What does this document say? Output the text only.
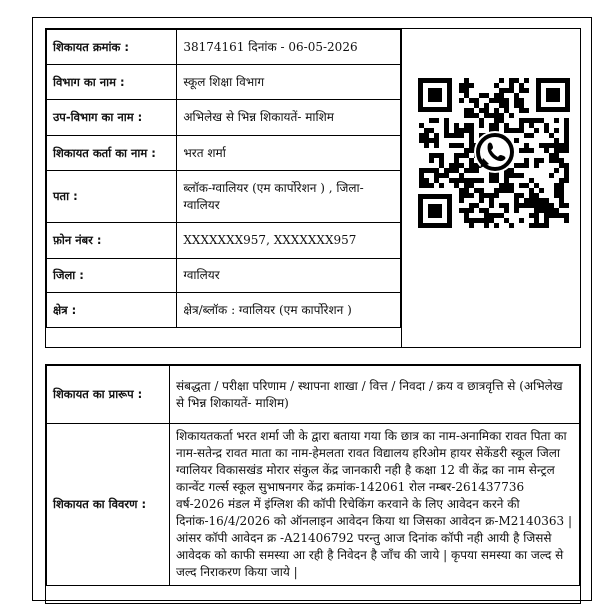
शिकायत क्रमांक :	38174161 दिनांक - 06-05-2026
विभाग का नाम :	स्कूल शिक्षा विभाग
उप-विभाग का नाम :	अभिलेख से भिन्न शिकायतें- माशिम
शिकायत कर्ता का नाम :	भरत शर्मा
पता :	ब्लॉक-ग्वालियर (एम कार्पोरेशन ) , जिला-ग्वालियर
फ़ोन नंबर :	XXXXXXX957, XXXXXXX957
जिला :	ग्वालियर
क्षेत्र :	क्षेत्र/ब्लॉक : ग्वालियर (एम कार्पोरेशन )
शिकायत का प्रारूप :	संबद्धता / परीक्षा परिणाम / स्थापना शाखा / वित्त / निवदा / क्रय व छात्रवृत्ति से (अभिलेख से भिन्न शिकायतें- माशिम)
शिकायत का विवरण :	शिकायतकर्ता भरत शर्मा जी के द्वारा बताया गया कि छात्र का नाम-अनामिका रावत पिता का नाम-सतेन्द्र रावत माता का नाम-हेमलता रावत विद्यालय हरिओम हायर सेकेंडरी स्कूल जिला ग्वालियर विकासखंड मोरार संकुल केंद्र जानकारी नही है कक्षा 12 वी केंद्र का नाम सेन्ट्रल कान्वेंट गर्ल्स स्कूल सुभाषनगर केंद्र क्रमांक-142061 रोल नम्बर-261437736 वर्ष-2026 मंडल में इंग्लिश की कॉपी रिचेकिंग करवाने के लिए आवेदन करने की दिनांक-16/4/2026 को ऑनलाइन आवेदन किया था जिसका आवेदन क्र-M2140363 | आंसर कॉपी आवेदन क्र -A21406792 परन्तु आज दिनांक कॉपी नही आयी है जिससे आवेदक को काफी समस्या आ रही है निवेदन है जाँच की जाये | कृपया समस्या का जल्द से जल्द निराकरण किया जाये |
